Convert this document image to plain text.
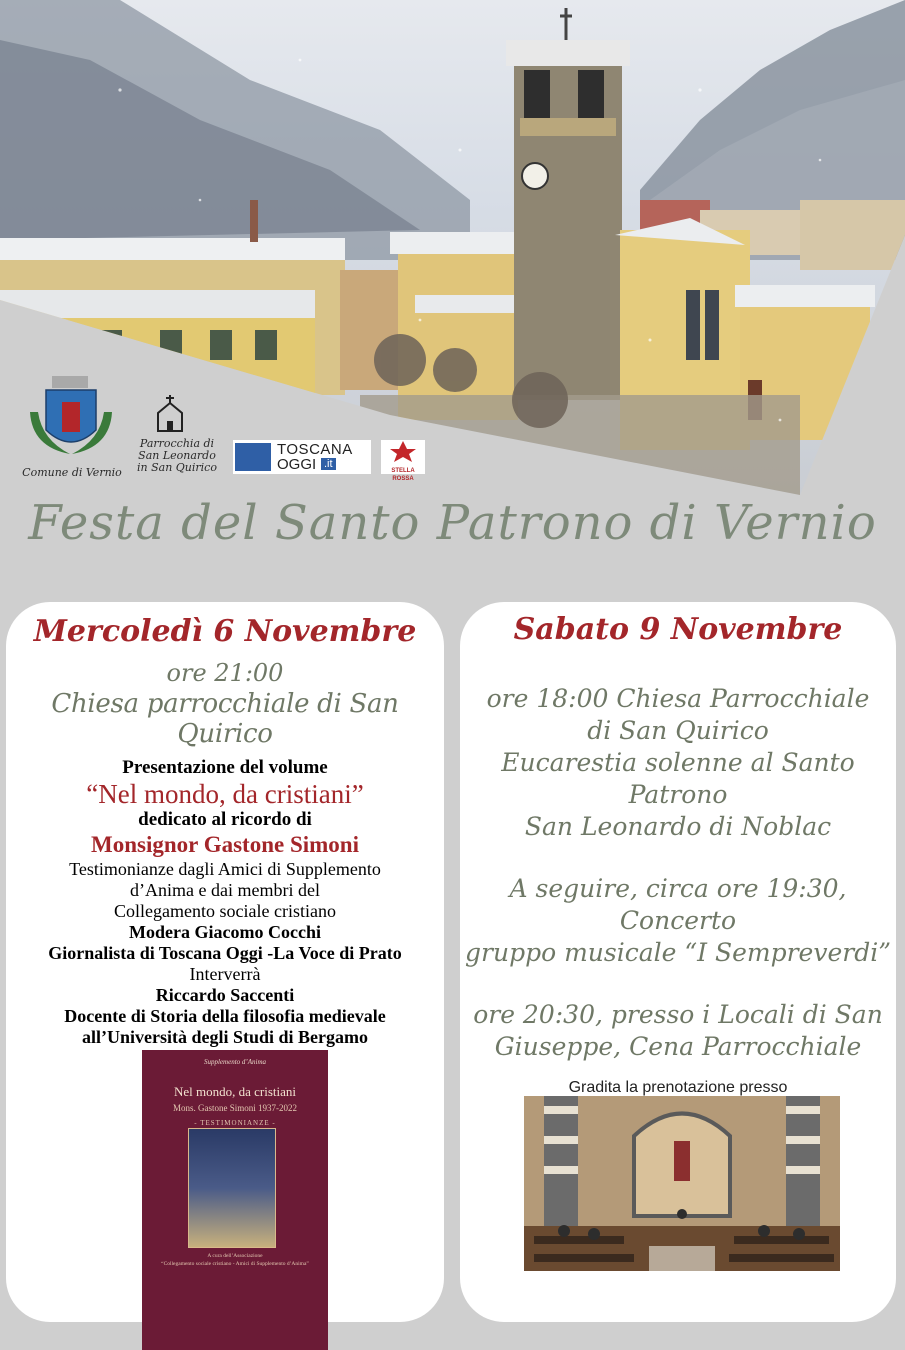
Comune di Vernio
Parrocchia di
San Leonardo
in San Quirico
TOSCANA
OGGI .it
STELLA ROSSA
Festa del Santo Patrono di Vernio
Mercoledì 6 Novembre
ore 21:00
Chiesa parrocchiale di San Quirico
Presentazione del volume
“Nel mondo, da cristiani”
dedicato al ricordo di
Monsignor Gastone Simoni
Testimonianze dagli Amici di Supplemento
d’Anima e dai membri del
Collegamento sociale cristiano
Modera Giacomo Cocchi
Giornalista di Toscana Oggi -La Voce di Prato
Interverrà
Riccardo Saccenti
Docente di Storia della filosofia medievale
all’Università degli Studi di Bergamo
Supplemento d’Anima
Nel mondo, da cristiani
Mons. Gastone Simoni 1937-2022
- TESTIMONIANZE -
A cura dell’Associazione
“Collegamento sociale cristiano - Amici di Supplemento d’Anima”
Sabato 9 Novembre
ore 18:00 Chiesa Parrocchiale
di San Quirico
Eucarestia solenne al Santo Patrono
San Leonardo di Noblac
A seguire, circa ore 19:30, Concerto
gruppo musicale “I Sempreverdi”
ore 20:30, presso i Locali di San
Giuseppe, Cena Parrocchiale
Gradita la prenotazione presso
